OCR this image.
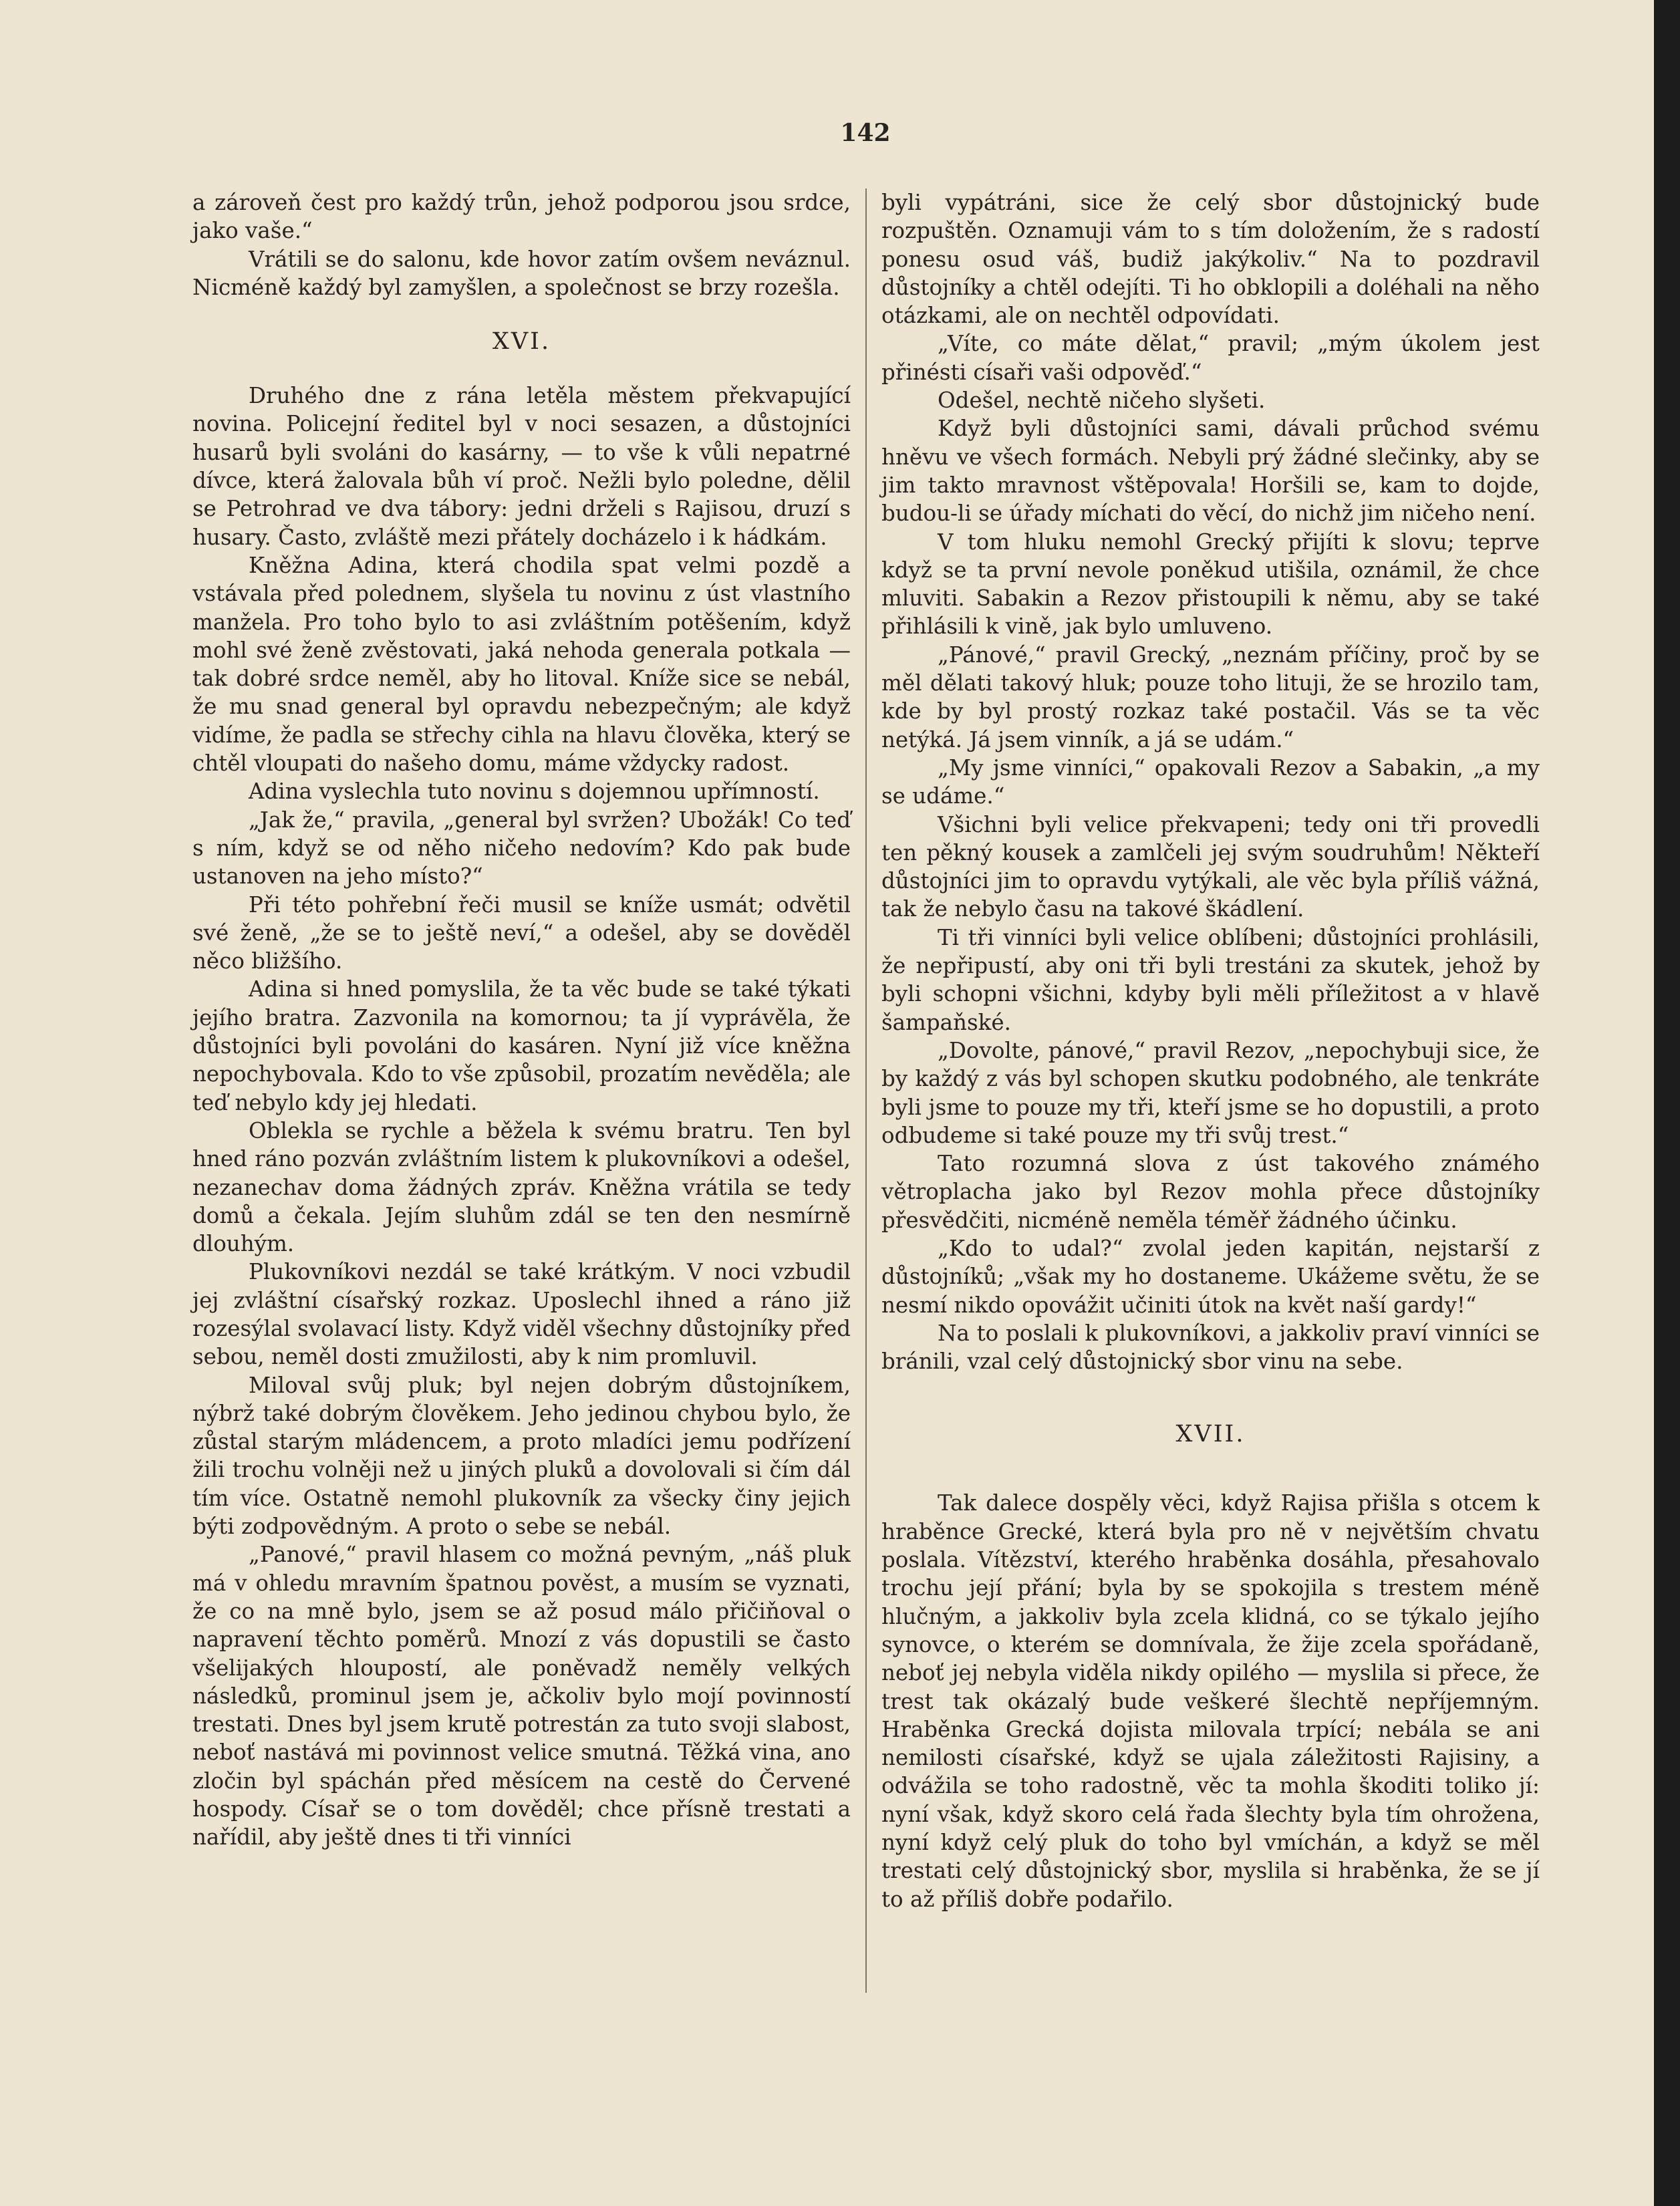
142

a zároveň čest pro každý trůn, jehož podporou jsou srdce, jako vaše.“

Vrátili se do salonu, kde hovor zatím ovšem neváznul. Nicméně každý byl zamyšlen, a společnost se brzy rozešla.

XVI.

Druhého dne z rána letěla městem překvapující novina. Policejní ředitel byl v noci sesazen, a důstojníci husarů byli svoláni do kasárny, — to vše k vůli nepatrné dívce, která žalovala bůh ví proč. Nežli bylo poledne, dělil se Petrohrad ve dva tábory: jedni drželi s Rajisou, druzí s husary. Často, zvláště mezi přátely docházelo i k hádkám.

Kněžna Adina, která chodila spat velmi pozdě a vstávala před polednem, slyšela tu novinu z úst vlastního manžela. Pro toho bylo to asi zvláštním potěšením, když mohl své ženě zvěstovati, jaká nehoda generala potkala — tak dobré srdce neměl, aby ho litoval. Kníže sice se nebál, že mu snad general byl opravdu nebezpečným; ale když vidíme, že padla se střechy cihla na hlavu člověka, který se chtěl vloupati do našeho domu, máme vždycky radost.

Adina vyslechla tuto novinu s dojemnou upřímností.

„Jak že,“ pravila, „general byl svržen? Ubožák! Co teď s ním, když se od něho ničeho nedovím? Kdo pak bude ustanoven na jeho místo?“

Při této pohřební řeči musil se kníže usmát; odvětil své ženě, „že se to ještě neví,“ a odešel, aby se dověděl něco bližšího.

Adina si hned pomyslila, že ta věc bude se také týkati jejího bratra. Zazvonila na komornou; ta jí vyprávěla, že důstojníci byli povoláni do kasáren. Nyní již více kněžna nepochybovala. Kdo to vše způsobil, prozatím nevěděla; ale teď nebylo kdy jej hledati.

Oblekla se rychle a běžela k svému bratru. Ten byl hned ráno pozván zvláštním listem k plukovníkovi a odešel, nezanechav doma žádných zpráv. Kněžna vrátila se tedy domů a čekala. Jejím sluhům zdál se ten den nesmírně dlouhým.

Plukovníkovi nezdál se také krátkým. V noci vzbudil jej zvláštní císařský rozkaz. Uposlechl ihned a ráno již rozesýlal svolavací listy. Když viděl všechny důstojníky před sebou, neměl dosti zmužilosti, aby k nim promluvil.

Miloval svůj pluk; byl nejen dobrým důstojníkem, nýbrž také dobrým člověkem. Jeho jedinou chybou bylo, že zůstal starým mládencem, a proto mladíci jemu podřízení žili trochu volněji než u jiných pluků a dovolovali si čím dál tím více. Ostatně nemohl plukovník za všecky činy jejich býti zodpovědným. A proto o sebe se nebál.

„Panové,“ pravil hlasem co možná pevným, „náš pluk má v ohledu mravním špatnou pověst, a musím se vyznati, že co na mně bylo, jsem se až posud málo přičiňoval o napravení těchto poměrů. Mnozí z vás dopustili se často všelijakých hloupostí, ale poněvadž neměly velkých následků, prominul jsem je, ačkoliv bylo mojí povinností trestati. Dnes byl jsem krutě potrestán za tuto svoji slabost, neboť nastává mi povinnost velice smutná. Těžká vina, ano zločin byl spáchán před měsícem na cestě do Červené hospody. Císař se o tom dověděl; chce přísně trestati a nařídil, aby ještě dnes ti tři vinníci

byli vypátráni, sice že celý sbor důstojnický bude rozpuštěn. Oznamuji vám to s tím doložením, že s radostí ponesu osud váš, budiž jakýkoliv.“ Na to pozdravil důstojníky a chtěl odejíti. Ti ho obklopili a doléhali na něho otázkami, ale on nechtěl odpovídati.

„Víte, co máte dělat,“ pravil; „mým úkolem jest přinésti císaři vaši odpověď.“

Odešel, nechtě ničeho slyšeti.

Když byli důstojníci sami, dávali průchod svému hněvu ve všech formách. Nebyli prý žádné slečinky, aby se jim takto mravnost vštěpovala! Horšili se, kam to dojde, budou-li se úřady míchati do věcí, do nichž jim ničeho není.

V tom hluku nemohl Grecký přijíti k slovu; teprve když se ta první nevole poněkud utišila, oznámil, že chce mluviti. Sabakin a Rezov přistoupili k němu, aby se také přihlásili k vině, jak bylo umluveno.

„Pánové,“ pravil Grecký, „neznám příčiny, proč by se měl dělati takový hluk; pouze toho lituji, že se hrozilo tam, kde by byl prostý rozkaz také postačil. Vás se ta věc netýká. Já jsem vinník, a já se udám.“

„My jsme vinníci,“ opakovali Rezov a Sabakin, „a my se udáme.“

Všichni byli velice překvapeni; tedy oni tři provedli ten pěkný kousek a zamlčeli jej svým soudruhům! Někteří důstojníci jim to opravdu vytýkali, ale věc byla příliš vážná, tak že nebylo času na takové škádlení.

Ti tři vinníci byli velice oblíbeni; důstojníci prohlásili, že nepřipustí, aby oni tři byli trestáni za skutek, jehož by byli schopni všichni, kdyby byli měli příležitost a v hlavě šampaňské.

„Dovolte, pánové,“ pravil Rezov, „nepochybuji sice, že by každý z vás byl schopen skutku podobného, ale tenkráte byli jsme to pouze my tři, kteří jsme se ho dopustili, a proto odbudeme si také pouze my tři svůj trest.“

Tato rozumná slova z úst takového známého větroplacha jako byl Rezov mohla přece důstojníky přesvědčiti, nicméně neměla téměř žádného účinku.

„Kdo to udal?“ zvolal jeden kapitán, nejstarší z důstojníků; „však my ho dostaneme. Ukážeme světu, že se nesmí nikdo opovážit učiniti útok na květ naší gardy!“

Na to poslali k plukovníkovi, a jakkoliv praví vinníci se bránili, vzal celý důstojnický sbor vinu na sebe.

XVII.

Tak dalece dospěly věci, když Rajisa přišla s otcem k hraběnce Grecké, která byla pro ně v největším chvatu poslala. Vítězství, kterého hraběnka dosáhla, přesahovalo trochu její přání; byla by se spokojila s trestem méně hlučným, a jakkoliv byla zcela klidná, co se týkalo jejího synovce, o kterém se domnívala, že žije zcela spořádaně, neboť jej nebyla viděla nikdy opilého — myslila si přece, že trest tak okázalý bude veškeré šlechtě nepříjemným. Hraběnka Grecká dojista milovala trpící; nebála se ani nemilosti císařské, když se ujala záležitosti Rajisiny, a odvážila se toho radostně, věc ta mohla škoditi toliko jí: nyní však, když skoro celá řada šlechty byla tím ohrožena, nyní když celý pluk do toho byl vmíchán, a když se měl trestati celý důstojnický sbor, myslila si hraběnka, že se jí to až příliš dobře podařilo.
